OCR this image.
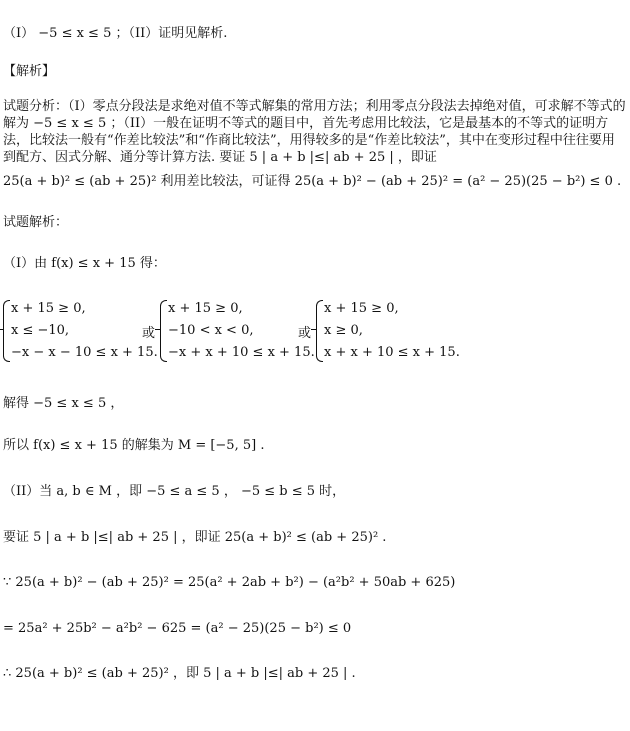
（I） −5 ≤ x ≤ 5 ；（II）证明见解析.
【解析】
试题分析：（I）零点分段法是求绝对值不等式解集的常用方法；利用零点分段法去掉绝对值，可求解不等式的解为 −5 ≤ x ≤ 5 ；（II）一般在证明不等式的题目中，首先考虑用比较法，它是最基本的不等式的证明方法，比较法一般有“作差比较法”和“作商比较法”，用得较多的是“作差比较法”，其中在变形过程中往往要用到配方、因式分解、通分等计算方法. 要证 5 | a + b |≤| ab + 25 | ，即证
25(a + b)² ≤ (ab + 25)² 利用差比较法，可证得 25(a + b)² − (ab + 25)² = (a² − 25)(25 − b²) ≤ 0 .
试题解析：
（I）由 f(x) ≤ x + 15 得：
x + 15 ≥ 0,
x ≤ −10,
−x − x − 10 ≤ x + 15.
或
x + 15 ≥ 0,
−10 < x < 0,
−x + x + 10 ≤ x + 15.
或
x + 15 ≥ 0,
x ≥ 0,
x + x + 10 ≤ x + 15.
解得 −5 ≤ x ≤ 5 ，
所以 f(x) ≤ x + 15 的解集为 M = [−5, 5] .
（II）当 a, b ∈ M ，即 −5 ≤ a ≤ 5 ， −5 ≤ b ≤ 5 时，
要证 5 | a + b |≤| ab + 25 | ，即证 25(a + b)² ≤ (ab + 25)² .
∵ 25(a + b)² − (ab + 25)² = 25(a² + 2ab + b²) − (a²b² + 50ab + 625)
= 25a² + 25b² − a²b² − 625 = (a² − 25)(25 − b²) ≤ 0
∴ 25(a + b)² ≤ (ab + 25)² ，即 5 | a + b |≤| ab + 25 | .
